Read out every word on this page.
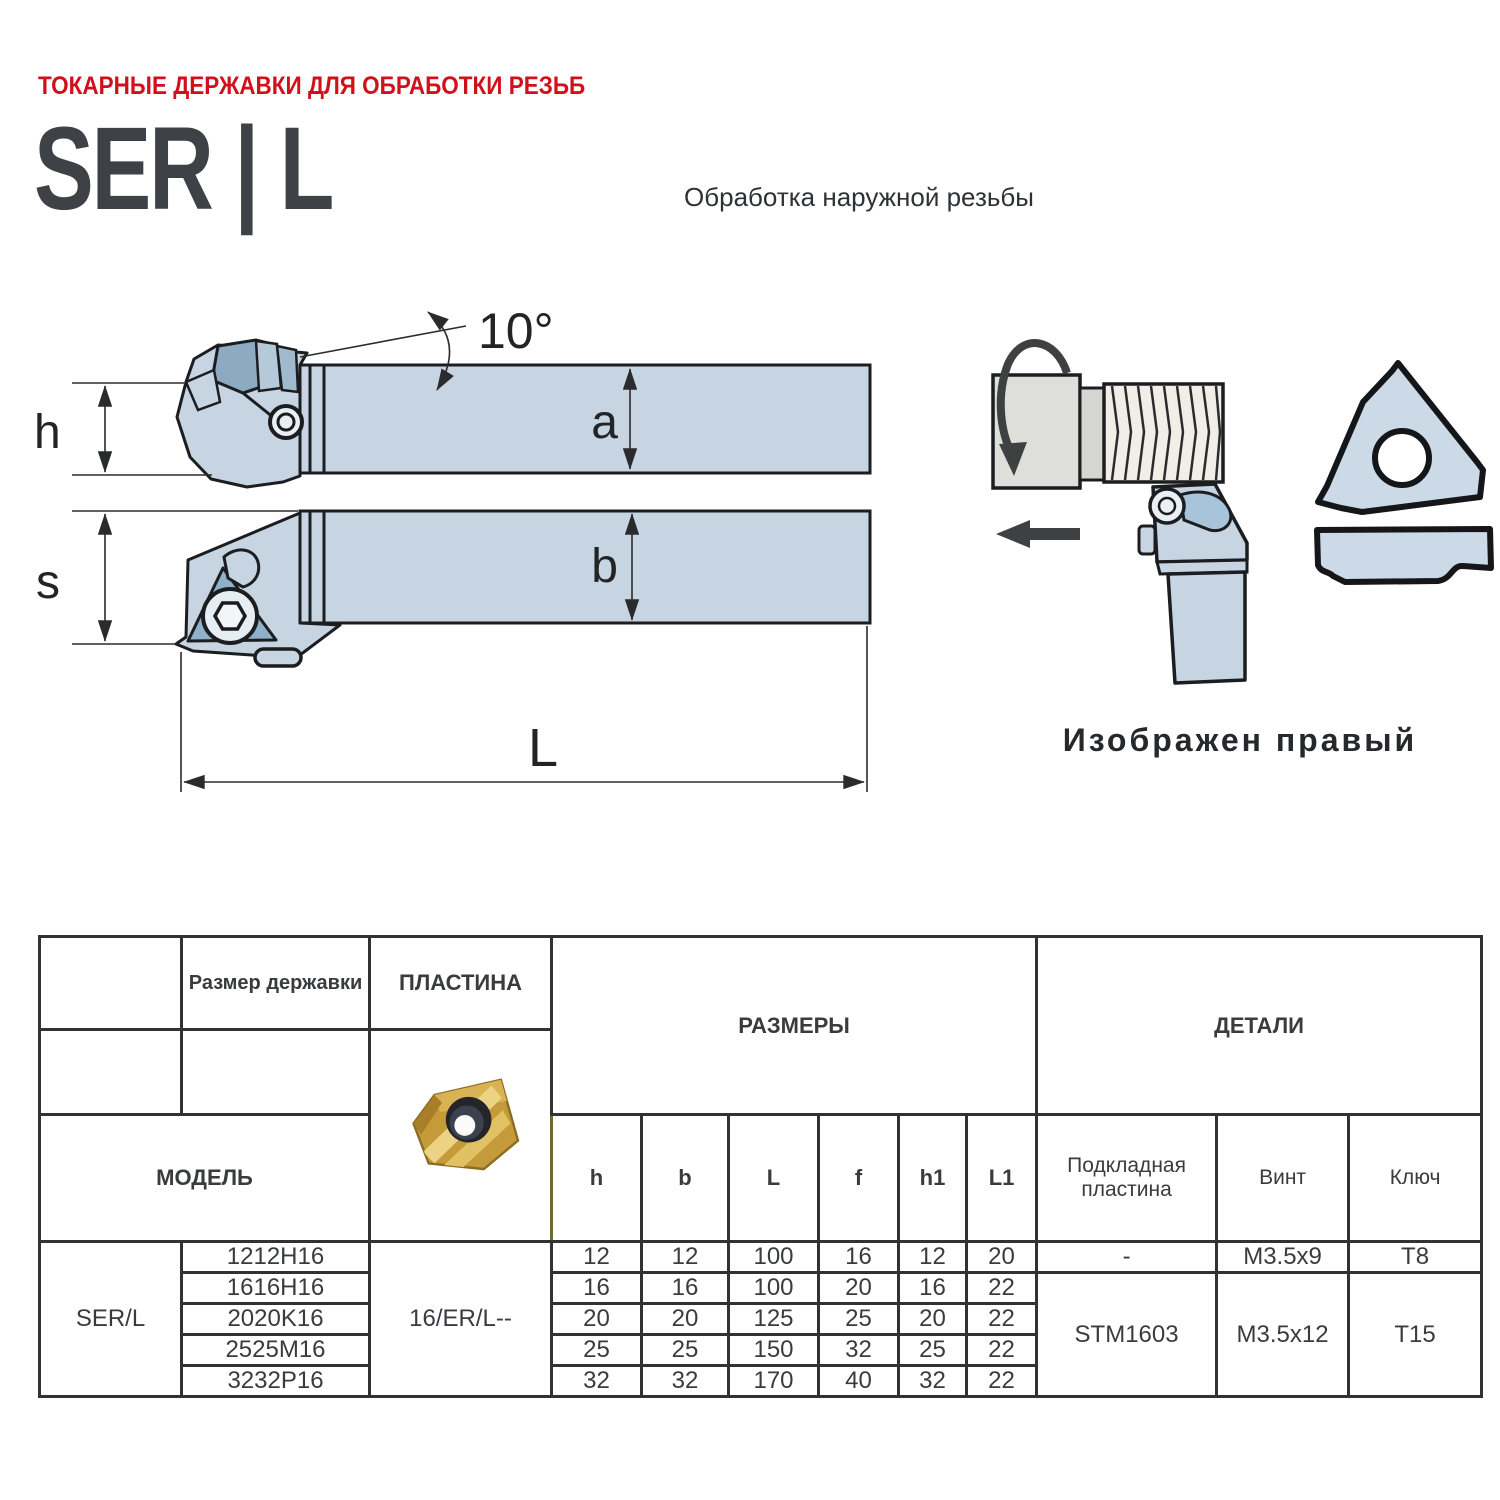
ТОКАРНЫЕ ДЕРЖАВКИ ДЛЯ ОБРАБОТКИ РЕЗЬБ
SER | L	Обработка наружной резьбы
10°
h	a
s	b
L	Изображен правый
	Размер державки	ПЛАСТИНА	РАЗМЕРЫ						ДЕТАЛИ		

МОДЕЛЬ			h	b	L	f	h1	L1	Подкладная пластина	Винт	Ключ
SER/L	1212H16	16/ER/L--	12	12	100	16	12	20	-	M3.5x9	T8
	1616H16		16	16	100	20	16	22	STM1603	M3.5x12	T15
	2020K16		20	20	125	25	20	22			
	2525M16		25	25	150	32	25	22			
	3232P16		32	32	170	40	32	22			
